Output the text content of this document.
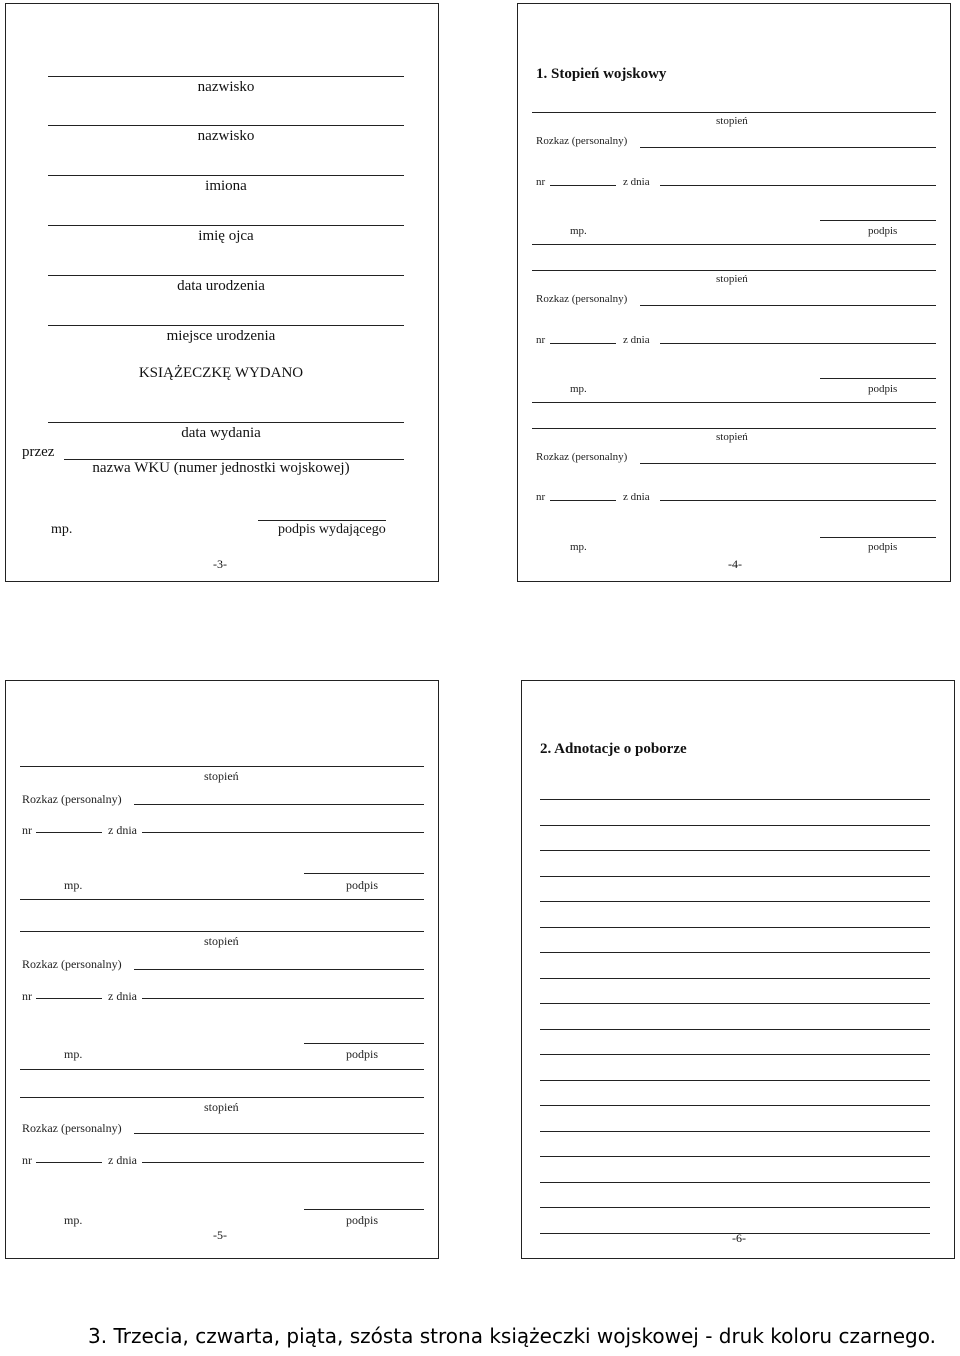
nazwisko
nazwisko
imiona
imię ojca
data urodzenia
miejsce urodzenia
KSIĄŻECZKĘ WYDANO
data wydania
przez
nazwa WKU (numer jednostki wojskowej)
mp.	podpis wydającego
-3-
1. Stopień wojskowy
stopień
Rozkaz (personalny)
nr	z dnia
mp.	podpis
stopień
Rozkaz (personalny)
nr	z dnia
mp.	podpis
stopień
Rozkaz (personalny)
nr	z dnia
mp.	podpis
-4-
stopień
Rozkaz (personalny)
nr	z dnia
mp.	podpis
stopień
Rozkaz (personalny)
nr	z dnia
mp.	podpis
stopień
Rozkaz (personalny)
nr	z dnia
mp.	podpis
-5-
2. Adnotacje o poborze
-6-
3. Trzecia, czwarta, piąta, szósta strona książeczki wojskowej - druk koloru czarnego.
